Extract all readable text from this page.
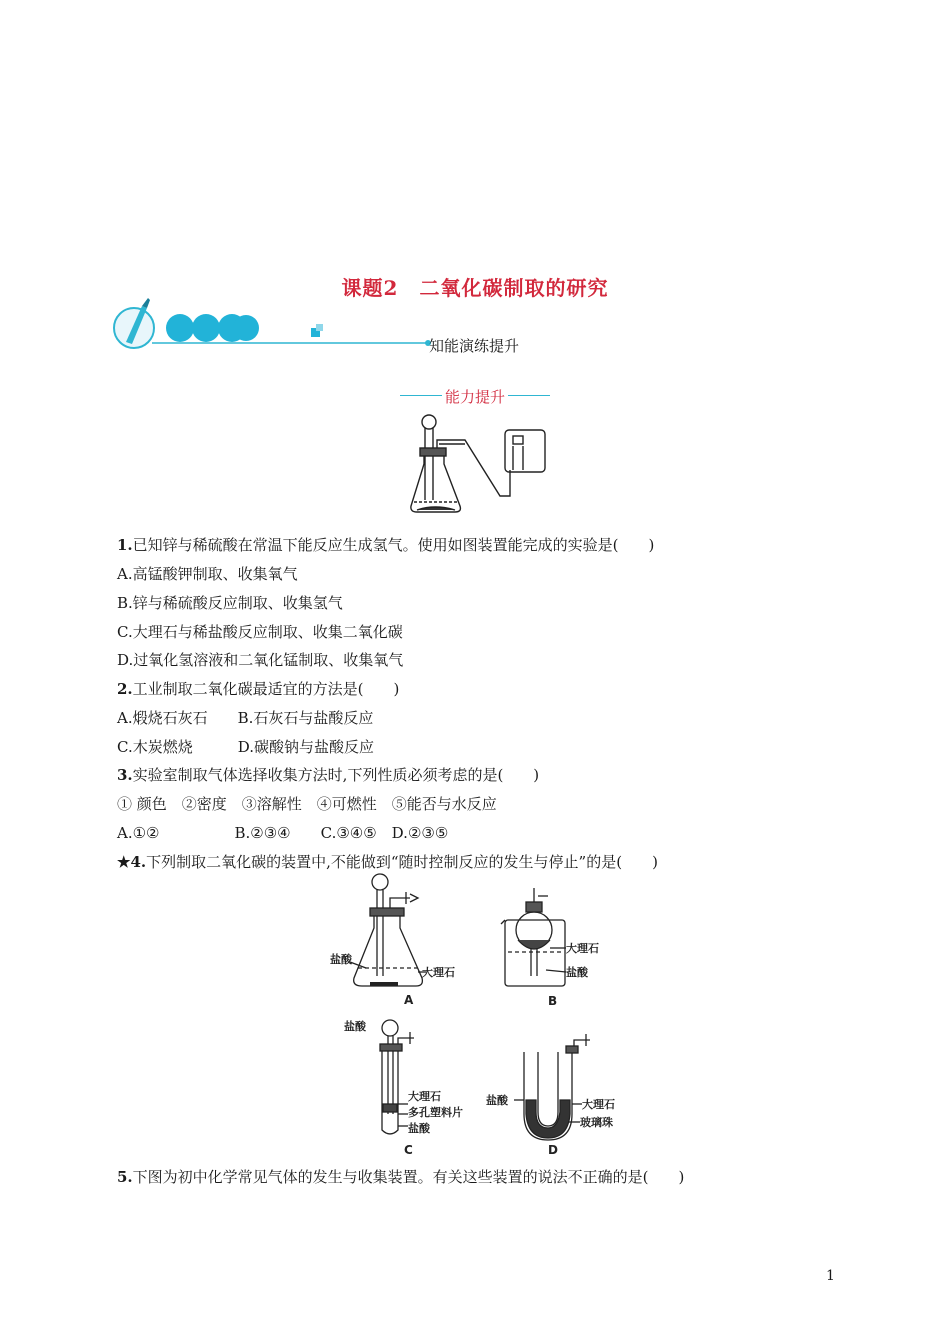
课题2　二氧化碳制取的研究
知能演练提升
能力提升
1.已知锌与稀硫酸在常温下能反应生成氢气。使用如图装置能完成的实验是(　　)
A.高锰酸钾制取、收集氧气
B.锌与稀硫酸反应制取、收集氢气
C.大理石与稀盐酸反应制取、收集二氧化碳
D.过氧化氢溶液和二氧化锰制取、收集氧气
2.工业制取二氧化碳最适宜的方法是(　　)
A.煅烧石灰石　　B.石灰石与盐酸反应
C.木炭燃烧　　　D.碳酸钠与盐酸反应
3.实验室制取气体选择收集方法时,下列性质必须考虑的是(　　)
① 颜色　②密度　③溶解性　④可燃性　⑤能否与水反应
A.①②　　　　　B.②③④　　C.③④⑤　D.②③⑤
★4.下列制取二氧化碳的装置中,不能做到“随时控制反应的发生与停止”的是(　　)
盐酸
大理石
A
大理石
盐酸
B
盐酸
大理石
多孔塑料片
盐酸
C
盐酸	大理石
玻璃珠
D
5.下图为初中化学常见气体的发生与收集装置。有关这些装置的说法不正确的是(　　)
1
